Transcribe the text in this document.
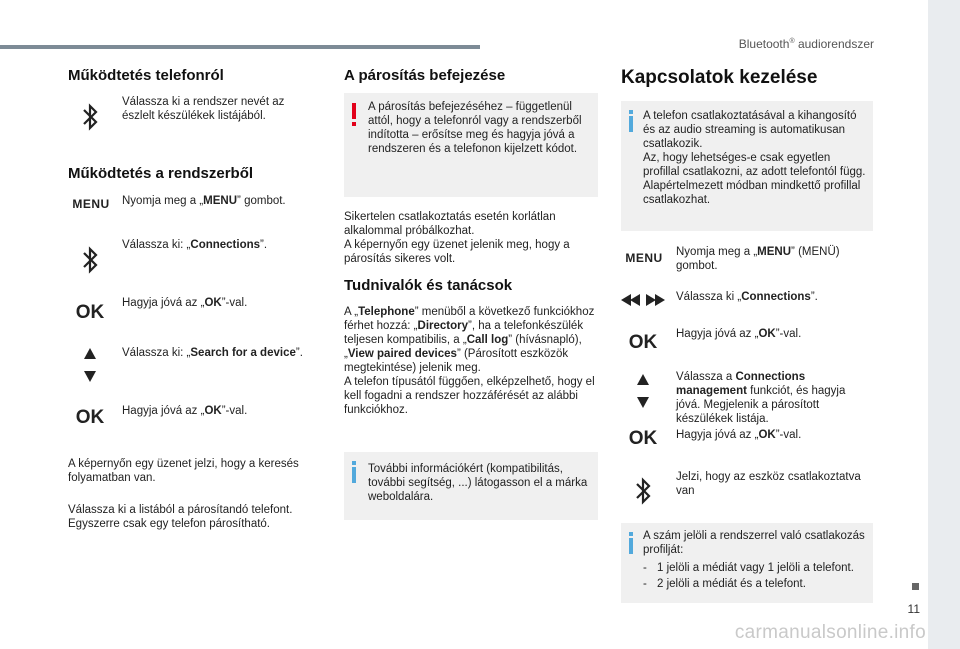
Bluetooth® audiorendszer
11
carmanualsonline.info
Működtetés telefonról
Válassza ki a rendszer nevét az észlelt készülékek listájából.
Működtetés a rendszerből
MENU	Nyomja meg a „MENU” gombot.
Válassza ki: „Connections”.
OK	Hagyja jóvá az „OK”-val.
Válassza ki: „Search for a device”.
OK	Hagyja jóvá az „OK”-val.
A képernyőn egy üzenet jelzi, hogy a keresés folyamatban van.
Válassza ki a listából a párosítandó telefont. Egyszerre csak egy telefon párosítható.
A párosítás befejezése
A párosítás befejezéséhez – függetlenül attól, hogy a telefonról vagy a rendszerből indította – erősítse meg és hagyja jóvá a rendszeren és a telefonon kijelzett kódot.
Sikertelen csatlakoztatás esetén korlátlan alkalommal próbálkozhat.
A képernyőn egy üzenet jelenik meg, hogy a párosítás sikeres volt.
Tudnivalók és tanácsok
A „Telephone” menüből a következő funkciókhoz férhet hozzá: „Directory”, ha a telefonkészülék teljesen kompatibilis, a „Call log” (hívásnapló), „View paired devices” (Párosított eszközök megtekintése) jelenik meg.
A telefon típusától függően, elképzelhető, hogy el kell fogadni a rendszer hozzáférését az alábbi funkciókhoz.
További információkért (kompatibilitás, további segítség, ...) látogasson el a márka weboldalára.
Kapcsolatok kezelése
A telefon csatlakoztatásával a kihangosító és az audio streaming is automatikusan csatlakozik.
Az, hogy lehetséges-e csak egyetlen profillal csatlakozni, az adott telefontól függ. Alapértelmezett módban mindkettő profillal csatlakozhat.
MENU	Nyomja meg a „MENU” (MENÜ) gombot.
Válassza ki „Connections”.
OK	Hagyja jóvá az „OK”-val.
Válassza a Connections management funkciót, és hagyja jóvá. Megjelenik a párosított készülékek listája.
OK	Hagyja jóvá az „OK”-val.
Jelzi, hogy az eszköz csatlakoztatva van
A szám jelöli a rendszerrel való csatlakozás profilját:
- 1 jelöli a médiát vagy 1 jelöli a telefont.
- 2 jelöli a médiát és a telefont.
